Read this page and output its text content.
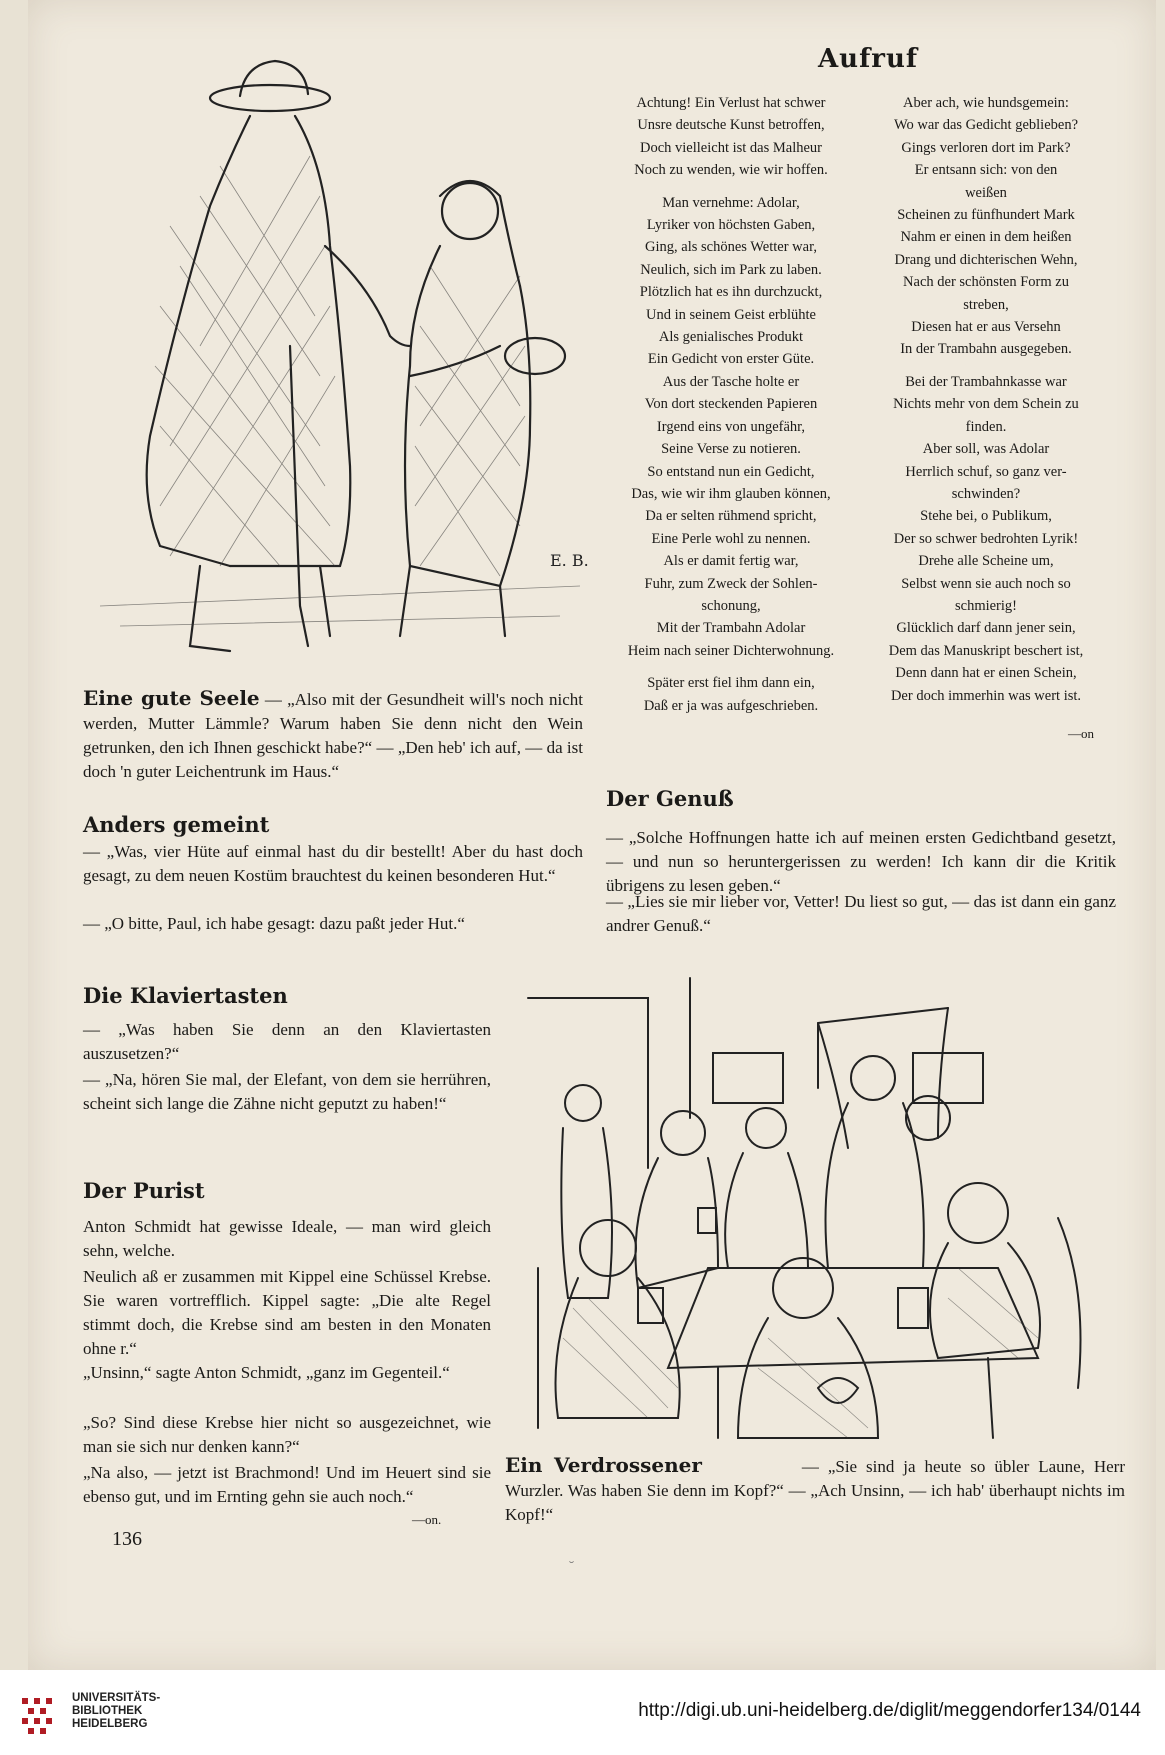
E. B.
Aufruf
Achtung! Ein Verlust hat schwer
Unsre deutsche Kunst betroffen,
Doch vielleicht ist das Malheur
Noch zu wenden, wie wir hoffen.
Man vernehme: Adolar,
Lyriker von höchsten Gaben,
Ging, als schönes Wetter war,
Neulich, sich im Park zu laben.
Plötzlich hat es ihn durchzuckt,
Und in seinem Geist erblühte
Als genialisches Produkt
Ein Gedicht von erster Güte.
Aus der Tasche holte er
Von dort steckenden Papieren
Irgend eins von ungefähr,
Seine Verse zu notieren.
So entstand nun ein Gedicht,
Das, wie wir ihm glauben können,
Da er selten rühmend spricht,
Eine Perle wohl zu nennen.
Als er damit fertig war,
Fuhr, zum Zweck der Sohlen-
schonung,
Mit der Trambahn Adolar
Heim nach seiner Dichterwohnung.
Später erst fiel ihm dann ein,
Daß er ja was aufgeschrieben.
Aber ach, wie hundsgemein:
Wo war das Gedicht geblieben?
Gings verloren dort im Park?
Er entsann sich: von den
weißen
Scheinen zu fünfhundert Mark
Nahm er einen in dem heißen
Drang und dichterischen Wehn,
Nach der schönsten Form zu
streben,
Diesen hat er aus Versehn
In der Trambahn ausgegeben.
Bei der Trambahnkasse war
Nichts mehr von dem Schein zu
finden.
Aber soll, was Adolar
Herrlich schuf, so ganz ver-
schwinden?
Stehe bei, o Publikum,
Der so schwer bedrohten Lyrik!
Drehe alle Scheine um,
Selbst wenn sie auch noch so
schmierig!
Glücklich darf dann jener sein,
Dem das Manuskript beschert ist,
Denn dann hat er einen Schein,
Der doch immerhin was wert ist.
—on
Eine gute Seele — „Also mit der Gesundheit will's noch nicht werden, Mutter Lämmle? Warum haben Sie denn nicht den Wein getrunken, den ich Ihnen geschickt habe?“ — „Den heb' ich auf, — da ist doch 'n guter Leichentrunk im Haus.“
Anders gemeint
— „Was, vier Hüte auf einmal hast du dir bestellt! Aber du hast doch gesagt, zu dem neuen Kostüm brauchtest du keinen besonderen Hut.“
— „O bitte, Paul, ich habe gesagt: dazu paßt jeder Hut.“
Der Genuß
— „Solche Hoffnungen hatte ich auf meinen ersten Gedichtband gesetzt, — und nun so heruntergerissen zu werden! Ich kann dir die Kritik übrigens zu lesen geben.“
— „Lies sie mir lieber vor, Vetter! Du liest so gut, — das ist dann ein ganz andrer Genuß.“
Die Klaviertasten
— „Was haben Sie denn an den Klaviertasten auszusetzen?“
— „Na, hören Sie mal, der Elefant, von dem sie herrühren, scheint sich lange die Zähne nicht geputzt zu haben!“
Der Purist
Anton Schmidt hat gewisse Ideale, — man wird gleich sehn, welche.
Neulich aß er zusammen mit Kippel eine Schüssel Krebse. Sie waren vortrefflich. Kippel sagte: „Die alte Regel stimmt doch, die Krebse sind am besten in den Monaten ohne r.“
„Unsinn,“ sagte Anton Schmidt, „ganz im Gegenteil.“
„So? Sind diese Krebse hier nicht so ausgezeichnet, wie man sie sich nur denken kann?“
„Na also, — jetzt ist Brachmond! Und im Heuert sind sie ebenso gut, und im Ernting gehn sie auch noch.“
—on.
136
Ein Verdrossener	— „Sie sind ja heute so übler Laune, Herr Wurzler. Was haben Sie denn im Kopf?“ — „Ach Unsinn, — ich hab' überhaupt nichts im Kopf!“
˘
UNIVERSITÄTS-
BIBLIOTHEK
HEIDELBERG
http://digi.ub.uni-heidelberg.de/diglit/meggendorfer134/0144
